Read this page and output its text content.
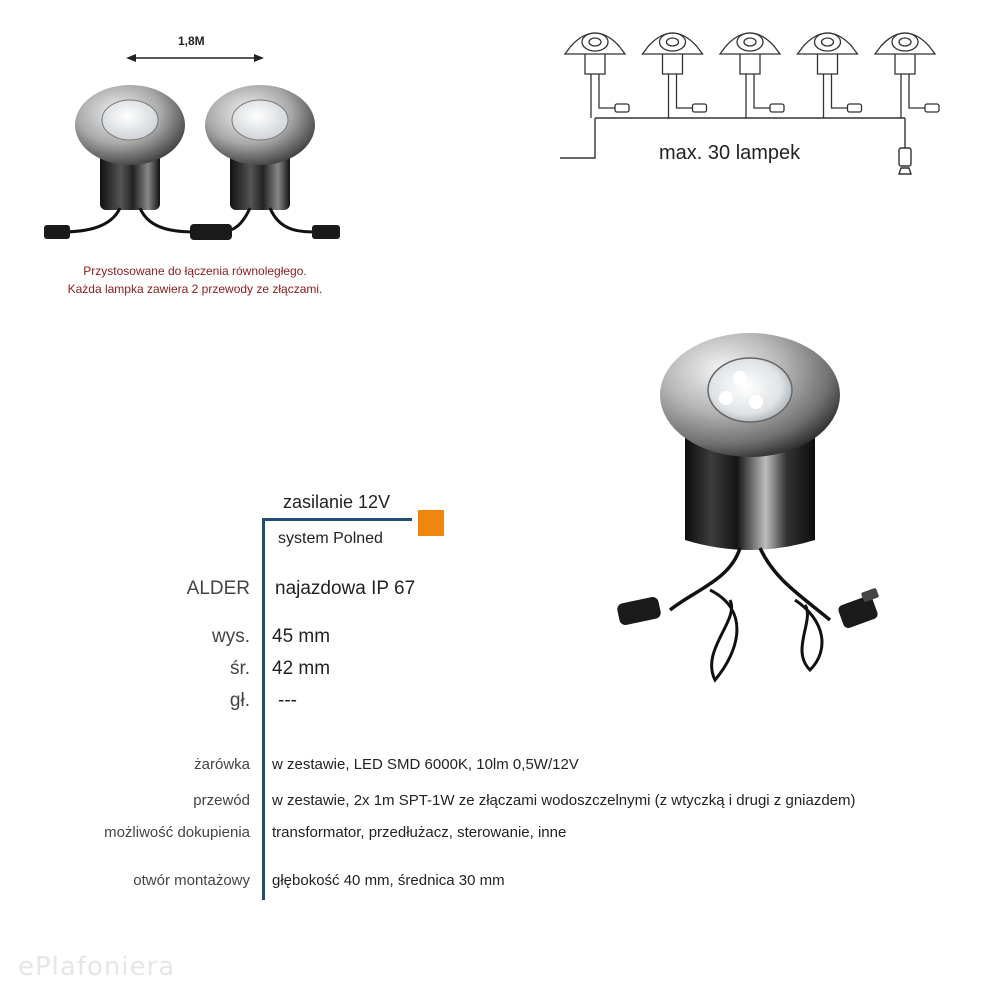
1,8M
Przystosowane do łączenia równoległego.
Każda lampka zawiera 2 przewody ze złączami.
max. 30 lampek
zasilanie 12V
system Polned
ALDER najazdowa IP 67
wys. 45 mm
śr. 42 mm
gł. ---
żarówka w zestawie, LED SMD 6000K, 10lm 0,5W/12V
przewód w zestawie, 2x 1m SPT-1W ze złączami wodoszczelnymi (z wtyczką i drugi z gniazdem)
możliwość dokupienia transformator, przedłużacz, sterowanie, inne
otwór montażowy głębokość 40 mm, średnica 30 mm
ePlafoniera
